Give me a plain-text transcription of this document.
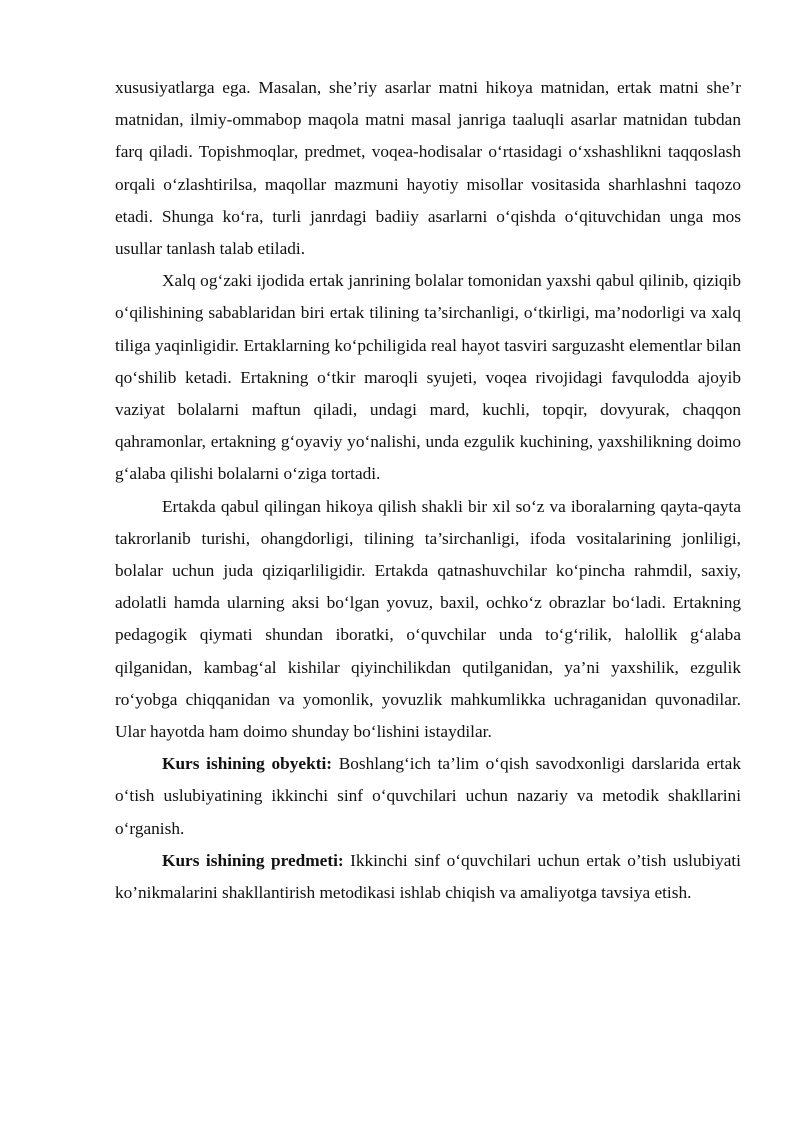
xususiyatlarga ega. Masalan, she’riy asarlar matni hikoya matnidan, ertak matni she’r matnidan, ilmiy-ommabop maqola matni masal janriga taaluqli asarlar matnidan tubdan farq qiladi. Topishmoqlar, predmet, voqea-hodisalar o‘rtasidagi o‘xshashlikni taqqoslash orqali o‘zlashtirilsa, maqollar mazmuni hayotiy misollar vositasida sharhlashni taqozo etadi. Shunga ko‘ra, turli janrdagi badiiy asarlarni o‘qishda o‘qituvchidan unga mos usullar tanlash talab etiladi.

Xalq og‘zaki ijodida ertak janrining bolalar tomonidan yaxshi qabul qilinib, qiziqib o‘qilishining sabablaridan biri ertak tilining ta’sirchanligi, o‘tkirligi, ma’nodorligi va xalq tiliga yaqinligidir. Ertaklarning ko‘pchiligida real hayot tasviri sarguzasht elementlar bilan qo‘shilib ketadi. Ertakning o‘tkir maroqli syujeti, voqea rivojidagi favqulodda ajoyib vaziyat bolalarni maftun qiladi, undagi mard, kuchli, topqir, dovyurak, chaqqon qahramonlar, ertakning g‘oyaviy yo‘nalishi, unda ezgulik kuchining, yaxshilikning doimo g‘alaba qilishi bolalarni o‘ziga tortadi.

Ertakda qabul qilingan hikoya qilish shakli bir xil so‘z va iboralarning qayta-qayta takrorlanib turishi, ohangdorligi, tilining ta’sirchanligi, ifoda vositalarining jonliligi, bolalar uchun juda qiziqarliligidir. Ertakda qatnashuvchilar ko‘pincha rahmdil, saxiy, adolatli hamda ularning aksi bo‘lgan yovuz, baxil, ochko‘z obrazlar bo‘ladi. Ertakning pedagogik qiymati shundan iboratki, o‘quvchilar unda to‘g‘rilik, halollik g‘alaba qilganidan, kambag‘al kishilar qiyinchilikdan qutilganidan, ya’ni yaxshilik, ezgulik ro‘yobga chiqqanidan va yomonlik, yovuzlik mahkumlikka uchraganidan quvonadilar. Ular hayotda ham doimo shunday bo‘lishini istaydilar.

Kurs ishining obyekti: Boshlang‘ich ta’lim o‘qish savodxonligi darslarida ertak o‘tish uslubiyatining ikkinchi sinf o‘quvchilari uchun nazariy va metodik shakllarini o‘rganish.

Kurs ishining predmeti: Ikkinchi sinf o‘quvchilari uchun ertak o’tish uslubiyati ko’nikmalarini shakllantirish metodikasi ishlab chiqish va amaliyotga tavsiya etish.
